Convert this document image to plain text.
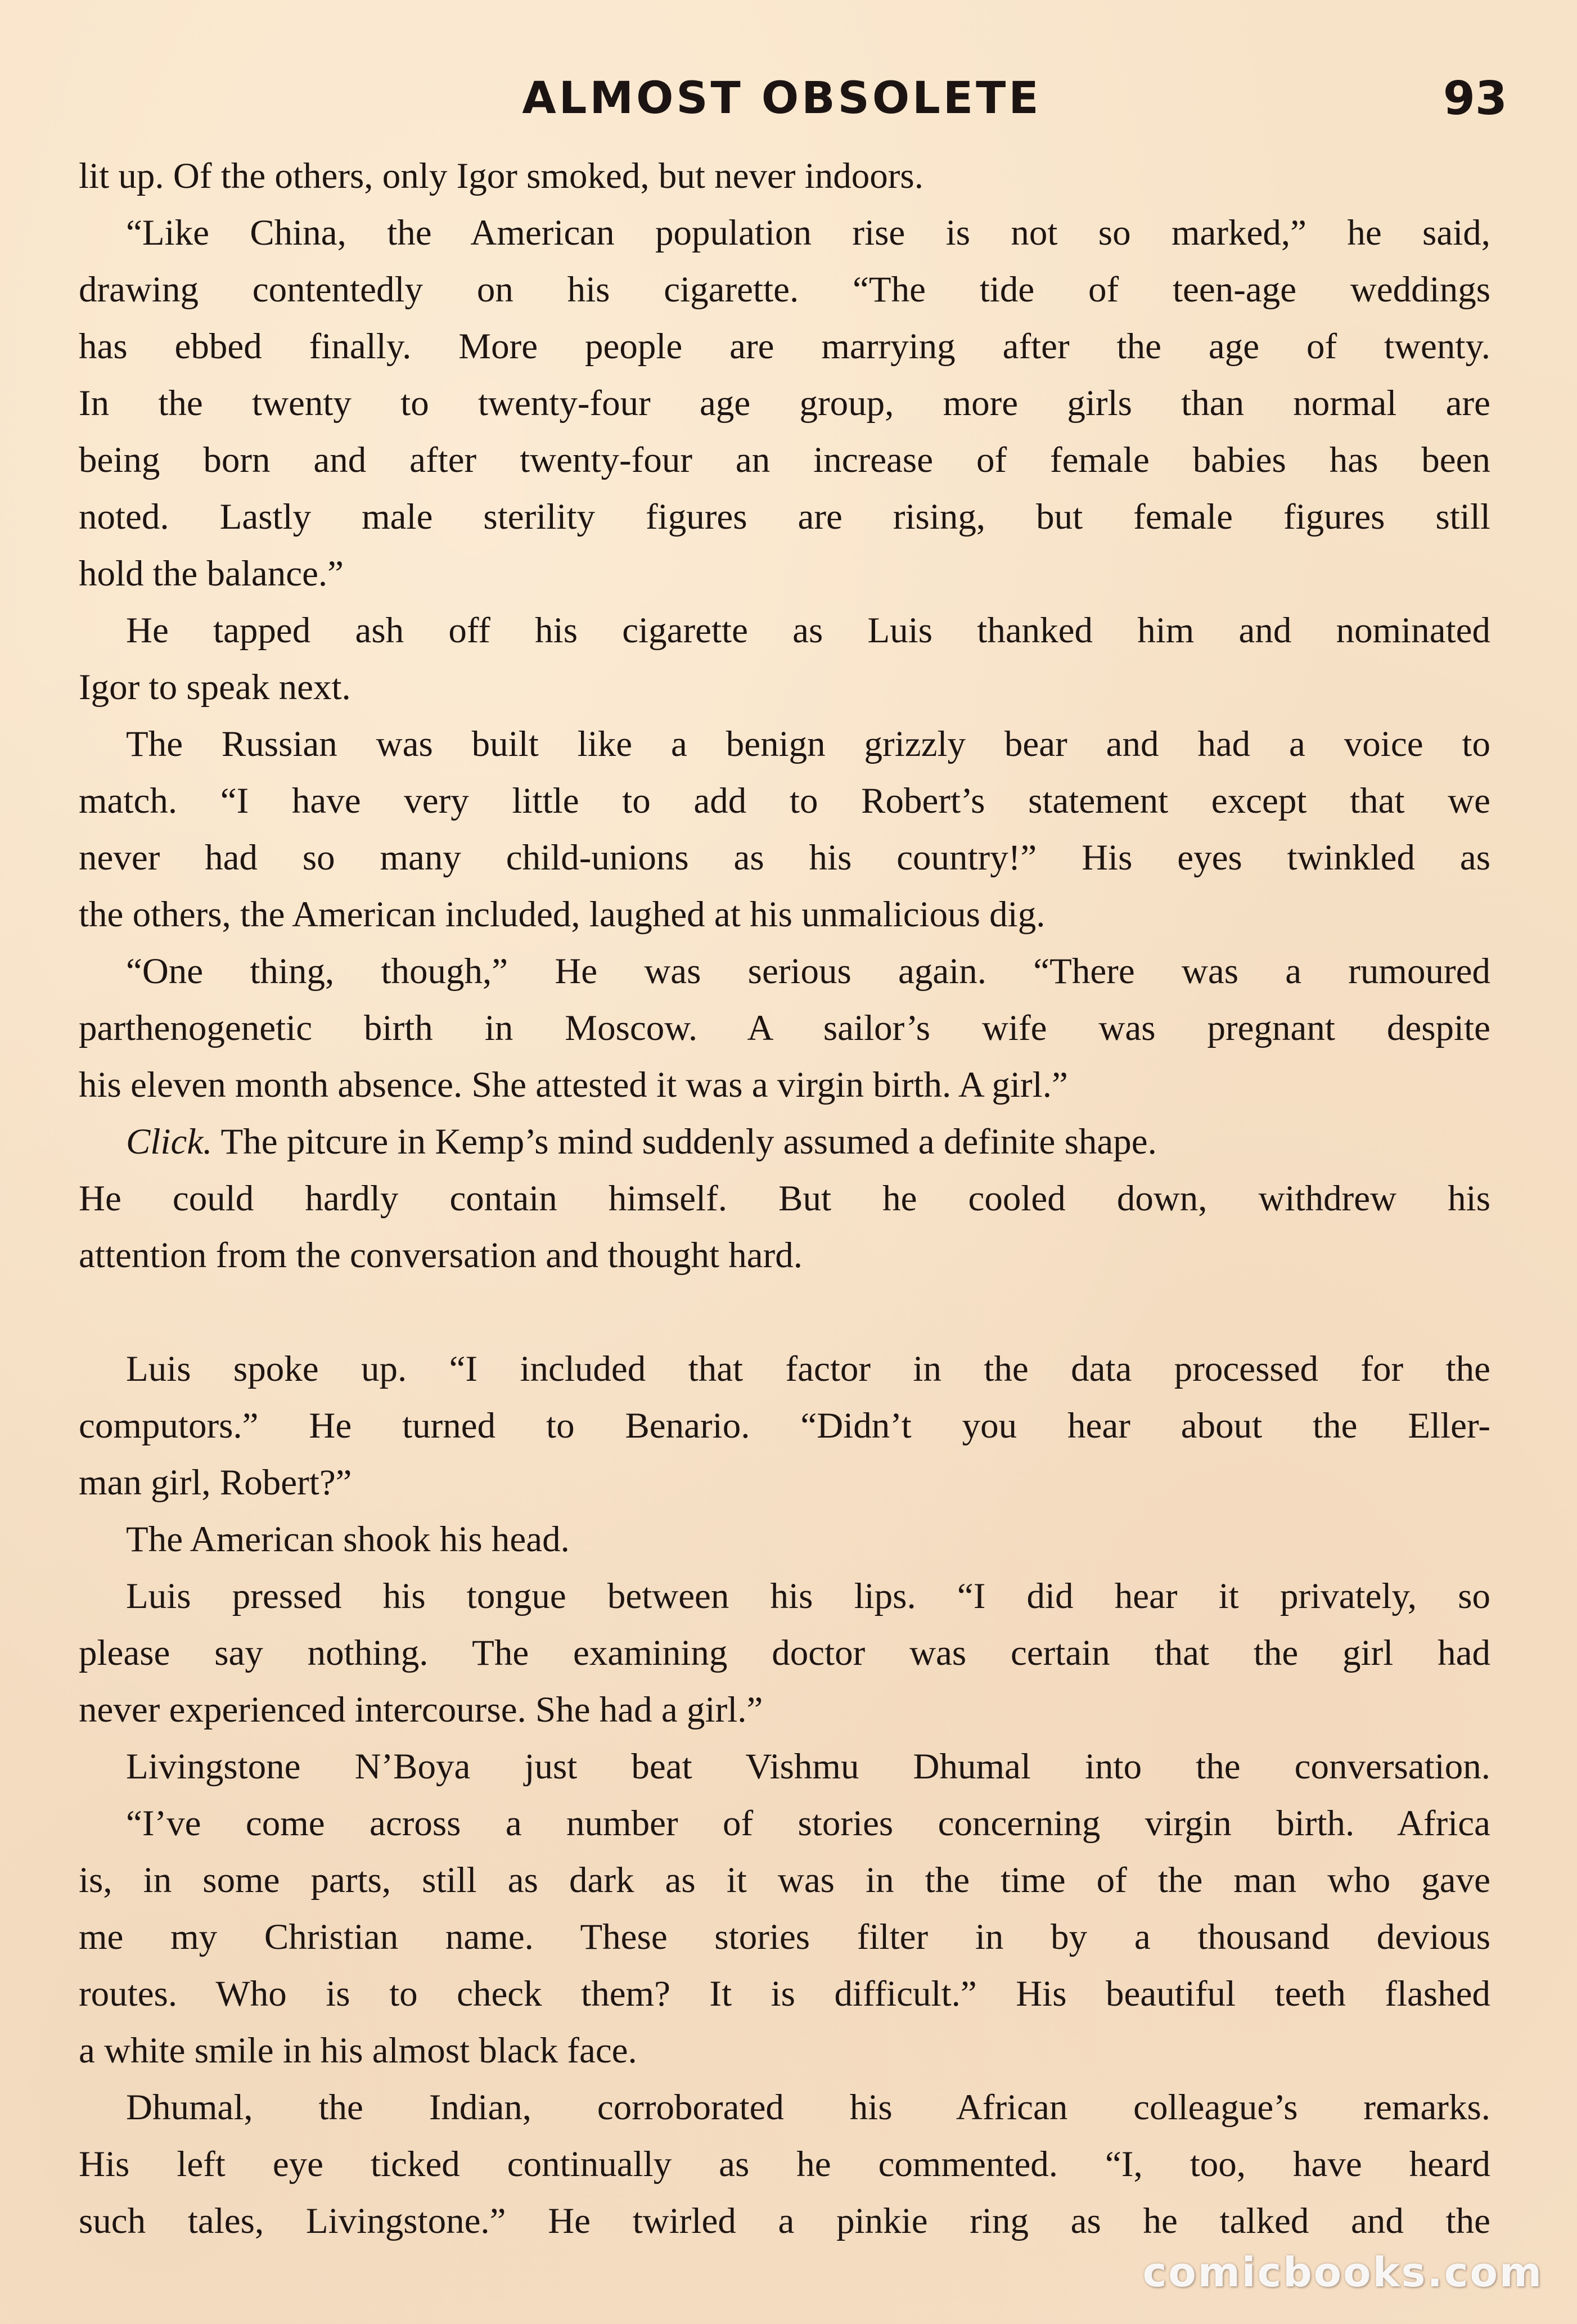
ALMOST OBSOLETE	93
lit up. Of the others, only Igor smoked, but never indoors.
“Like China, the American population rise is not so marked,” he said,
drawing contentedly on his cigarette. “The tide of teen-age weddings
has ebbed finally. More people are marrying after the age of twenty.
In the twenty to twenty-four age group, more girls than normal are
being born and after twenty-four an increase of female babies has been
noted. Lastly male sterility figures are rising, but female figures still
hold the balance.”
He tapped ash off his cigarette as Luis thanked him and nominated
Igor to speak next.
The Russian was built like a benign grizzly bear and had a voice to
match. “I have very little to add to Robert’s statement except that we
never had so many child-unions as his country!” His eyes twinkled as
the others, the American included, laughed at his unmalicious dig.
“One thing, though,” He was serious again. “There was a rumoured
parthenogenetic birth in Moscow. A sailor’s wife was pregnant despite
his eleven month absence. She attested it was a virgin birth. A girl.”
Click. The pitcure in Kemp’s mind suddenly assumed a definite shape.
He could hardly contain himself. But he cooled down, withdrew his
attention from the conversation and thought hard.
Luis spoke up. “I included that factor in the data processed for the
computors.” He turned to Benario. “Didn’t you hear about the Eller-
man girl, Robert?”
The American shook his head.
Luis pressed his tongue between his lips. “I did hear it privately, so
please say nothing. The examining doctor was certain that the girl had
never experienced intercourse. She had a girl.”
Livingstone N’Boya just beat Vishmu Dhumal into the conversation.
“I’ve come across a number of stories concerning virgin birth. Africa
is, in some parts, still as dark as it was in the time of the man who gave
me my Christian name. These stories filter in by a thousand devious
routes. Who is to check them? It is difficult.” His beautiful teeth flashed
a white smile in his almost black face.
Dhumal, the Indian, corroborated his African colleague’s remarks.
His left eye ticked continually as he commented. “I, too, have heard
such tales, Livingstone.” He twirled a pinkie ring as he talked and the
comicbooks.com
